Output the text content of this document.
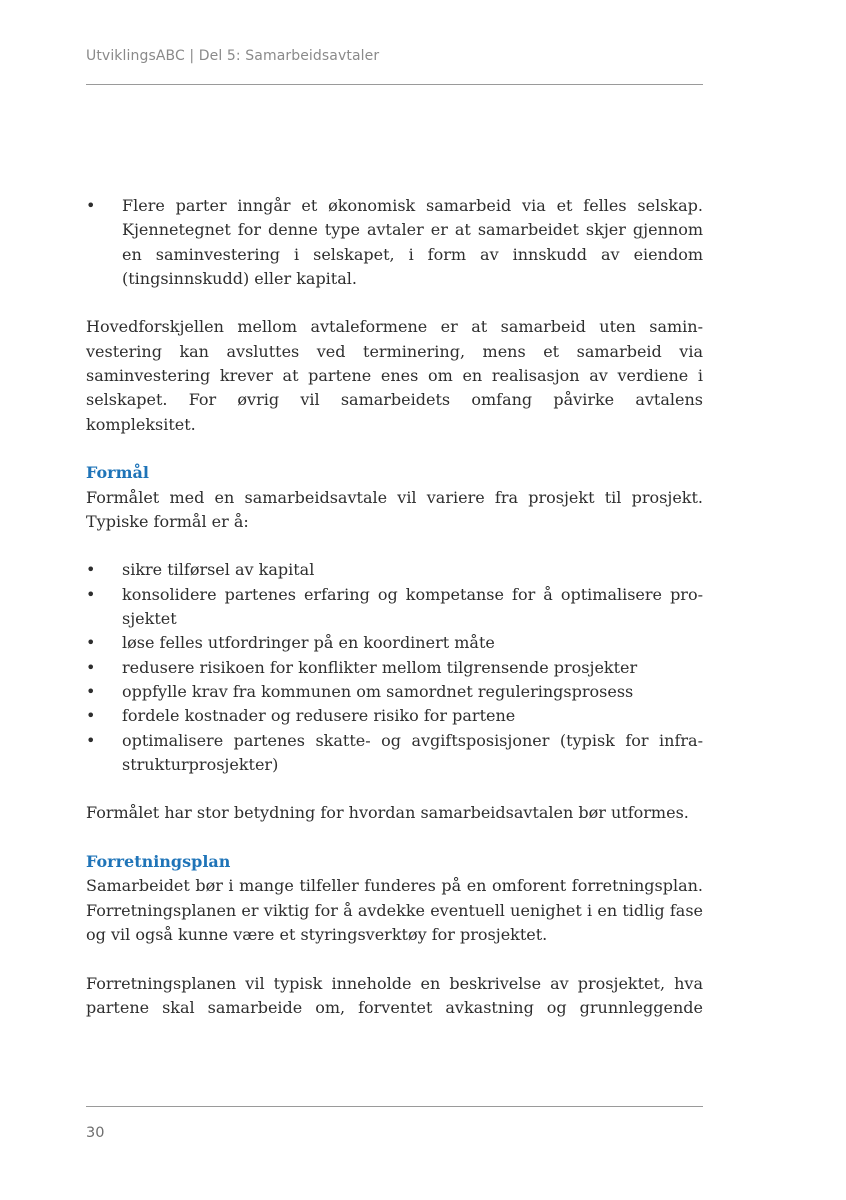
UtviklingsABC | Del 5: Samarbeidsavtaler
• Flere parter inngår et økonomisk samarbeid via et felles selskap. Kjennetegnet for denne type avtaler er at samarbeidet skjer gjennom en saminvestering i selskapet, i form av innskudd av eiendom (tingsinnskudd) eller kapital.

Hovedforskjellen mellom avtaleformene er at samarbeid uten saminvestering kan avsluttes ved terminering, mens et samarbeid via saminvestering krever at partene enes om en realisasjon av verdiene i selskapet. For øvrig vil samarbeidets omfang påvirke avtalens kompleksitet.

Formål

Formålet med en samarbeidsavtale vil variere fra prosjekt til prosjekt. Typiske formål er å:

• sikre tilførsel av kapital
• konsolidere partenes erfaring og kompetanse for å optimalisere prosjektet
• løse felles utfordringer på en koordinert måte
• redusere risikoen for konflikter mellom tilgrensende prosjekter
• oppfylle krav fra kommunen om samordnet reguleringsprosess
• fordele kostnader og redusere risiko for partene
• optimalisere partenes skatte- og avgiftsposisjoner (typisk for infrastrukturprosjekter)

Formålet har stor betydning for hvordan samarbeidsavtalen bør utformes.

Forretningsplan

Samarbeidet bør i mange tilfeller funderes på en omforent forretningsplan. Forretningsplanen er viktig for å avdekke eventuell uenighet i en tidlig fase og vil også kunne være et styringsverktøy for prosjektet.

Forretningsplanen vil typisk inneholde en beskrivelse av prosjektet, hva partene skal samarbeide om, forventet avkastning og grunnleggende

30
